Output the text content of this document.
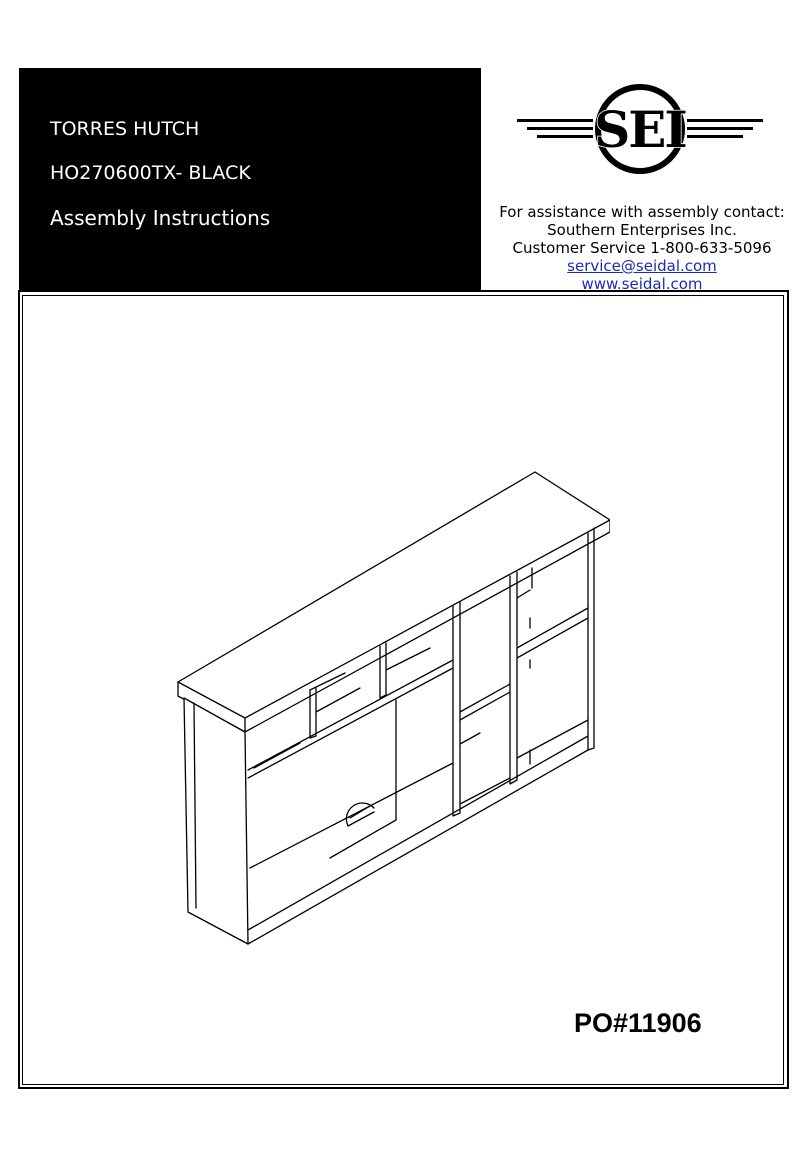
TORRES HUTCH
HO270600TX- BLACK
Assembly Instructions
SEI
For assistance with assembly contact:
Southern Enterprises Inc.
Customer Service 1-800-633-5096
service@seidal.com
www.seidal.com
PO#11906
